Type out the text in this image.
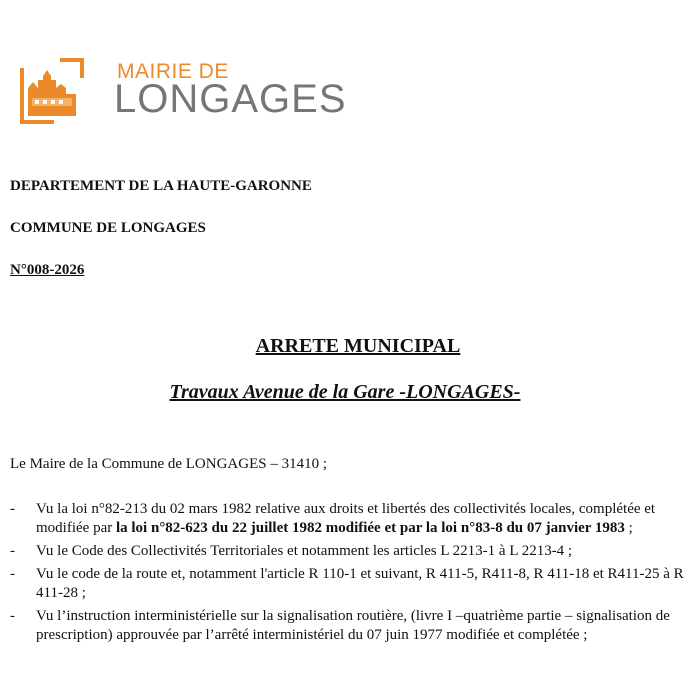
MAIRIE DE
LONGAGES
DEPARTEMENT DE LA HAUTE-GARONNE
COMMUNE DE LONGAGES
N°008-2026
ARRETE MUNICIPAL
Travaux Avenue de la Gare -LONGAGES-
Le Maire de la Commune de LONGAGES – 31410 ;
- Vu la loi n°82-213 du 02 mars 1982 relative aux droits et libertés des collectivités locales, complétée et modifiée par la loi n°82-623 du 22 juillet 1982 modifiée et par la loi n°83-8 du 07 janvier 1983 ;
- Vu le Code des Collectivités Territoriales et notamment les articles L 2213-1 à L 2213-4 ;
- Vu le code de la route et, notamment l'article R 110-1 et suivant, R 411-5, R411-8, R 411-18 et R411-25 à R 411-28 ;
- Vu l’instruction interministérielle sur la signalisation routière, (livre I –quatrième partie – signalisation de prescription) approuvée par l’arrêté interministériel du 07 juin 1977 modifiée et complétée ;
